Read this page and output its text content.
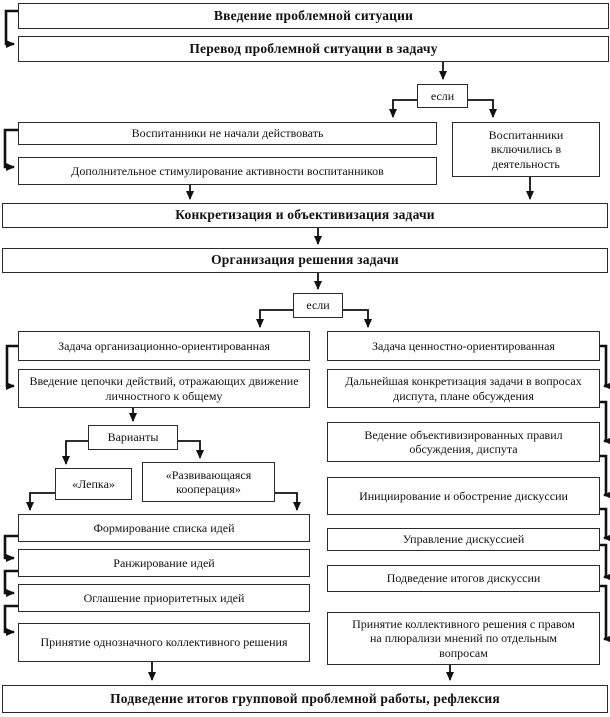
Введение проблемной ситуации
Перевод проблемной ситуации в задачу
если
Воспитанники не начали действовать	Воспитанники включились в деятельность
Дополнительное стимулирование активности воспитанников
Конкретизация и объективизация задачи
Организация решения задачи
если
Задача организационно-ориентированная	Задача ценностно-ориентированная
Введение цепочки действий, отражающих движение личностного к общему
Варианты
«Лепка»
«Развивающаяся кооперация»
Формирование списка идей
Ранжирование идей
Оглашение приоритетных идей
Принятие однозначного коллективного решения
Дальнейшая конкретизация задачи в вопросах диспута, плане обсуждения
Ведение объективизированных правил обсуждения, диспута
Инициирование и обострение дискуссии
Управление дискуссией
Подведение итогов дискуссии
Принятие коллективного решения с правом на плюрализи мнений по отдельным вопросам
Подведение итогов групповой проблемной работы, рефлексия
